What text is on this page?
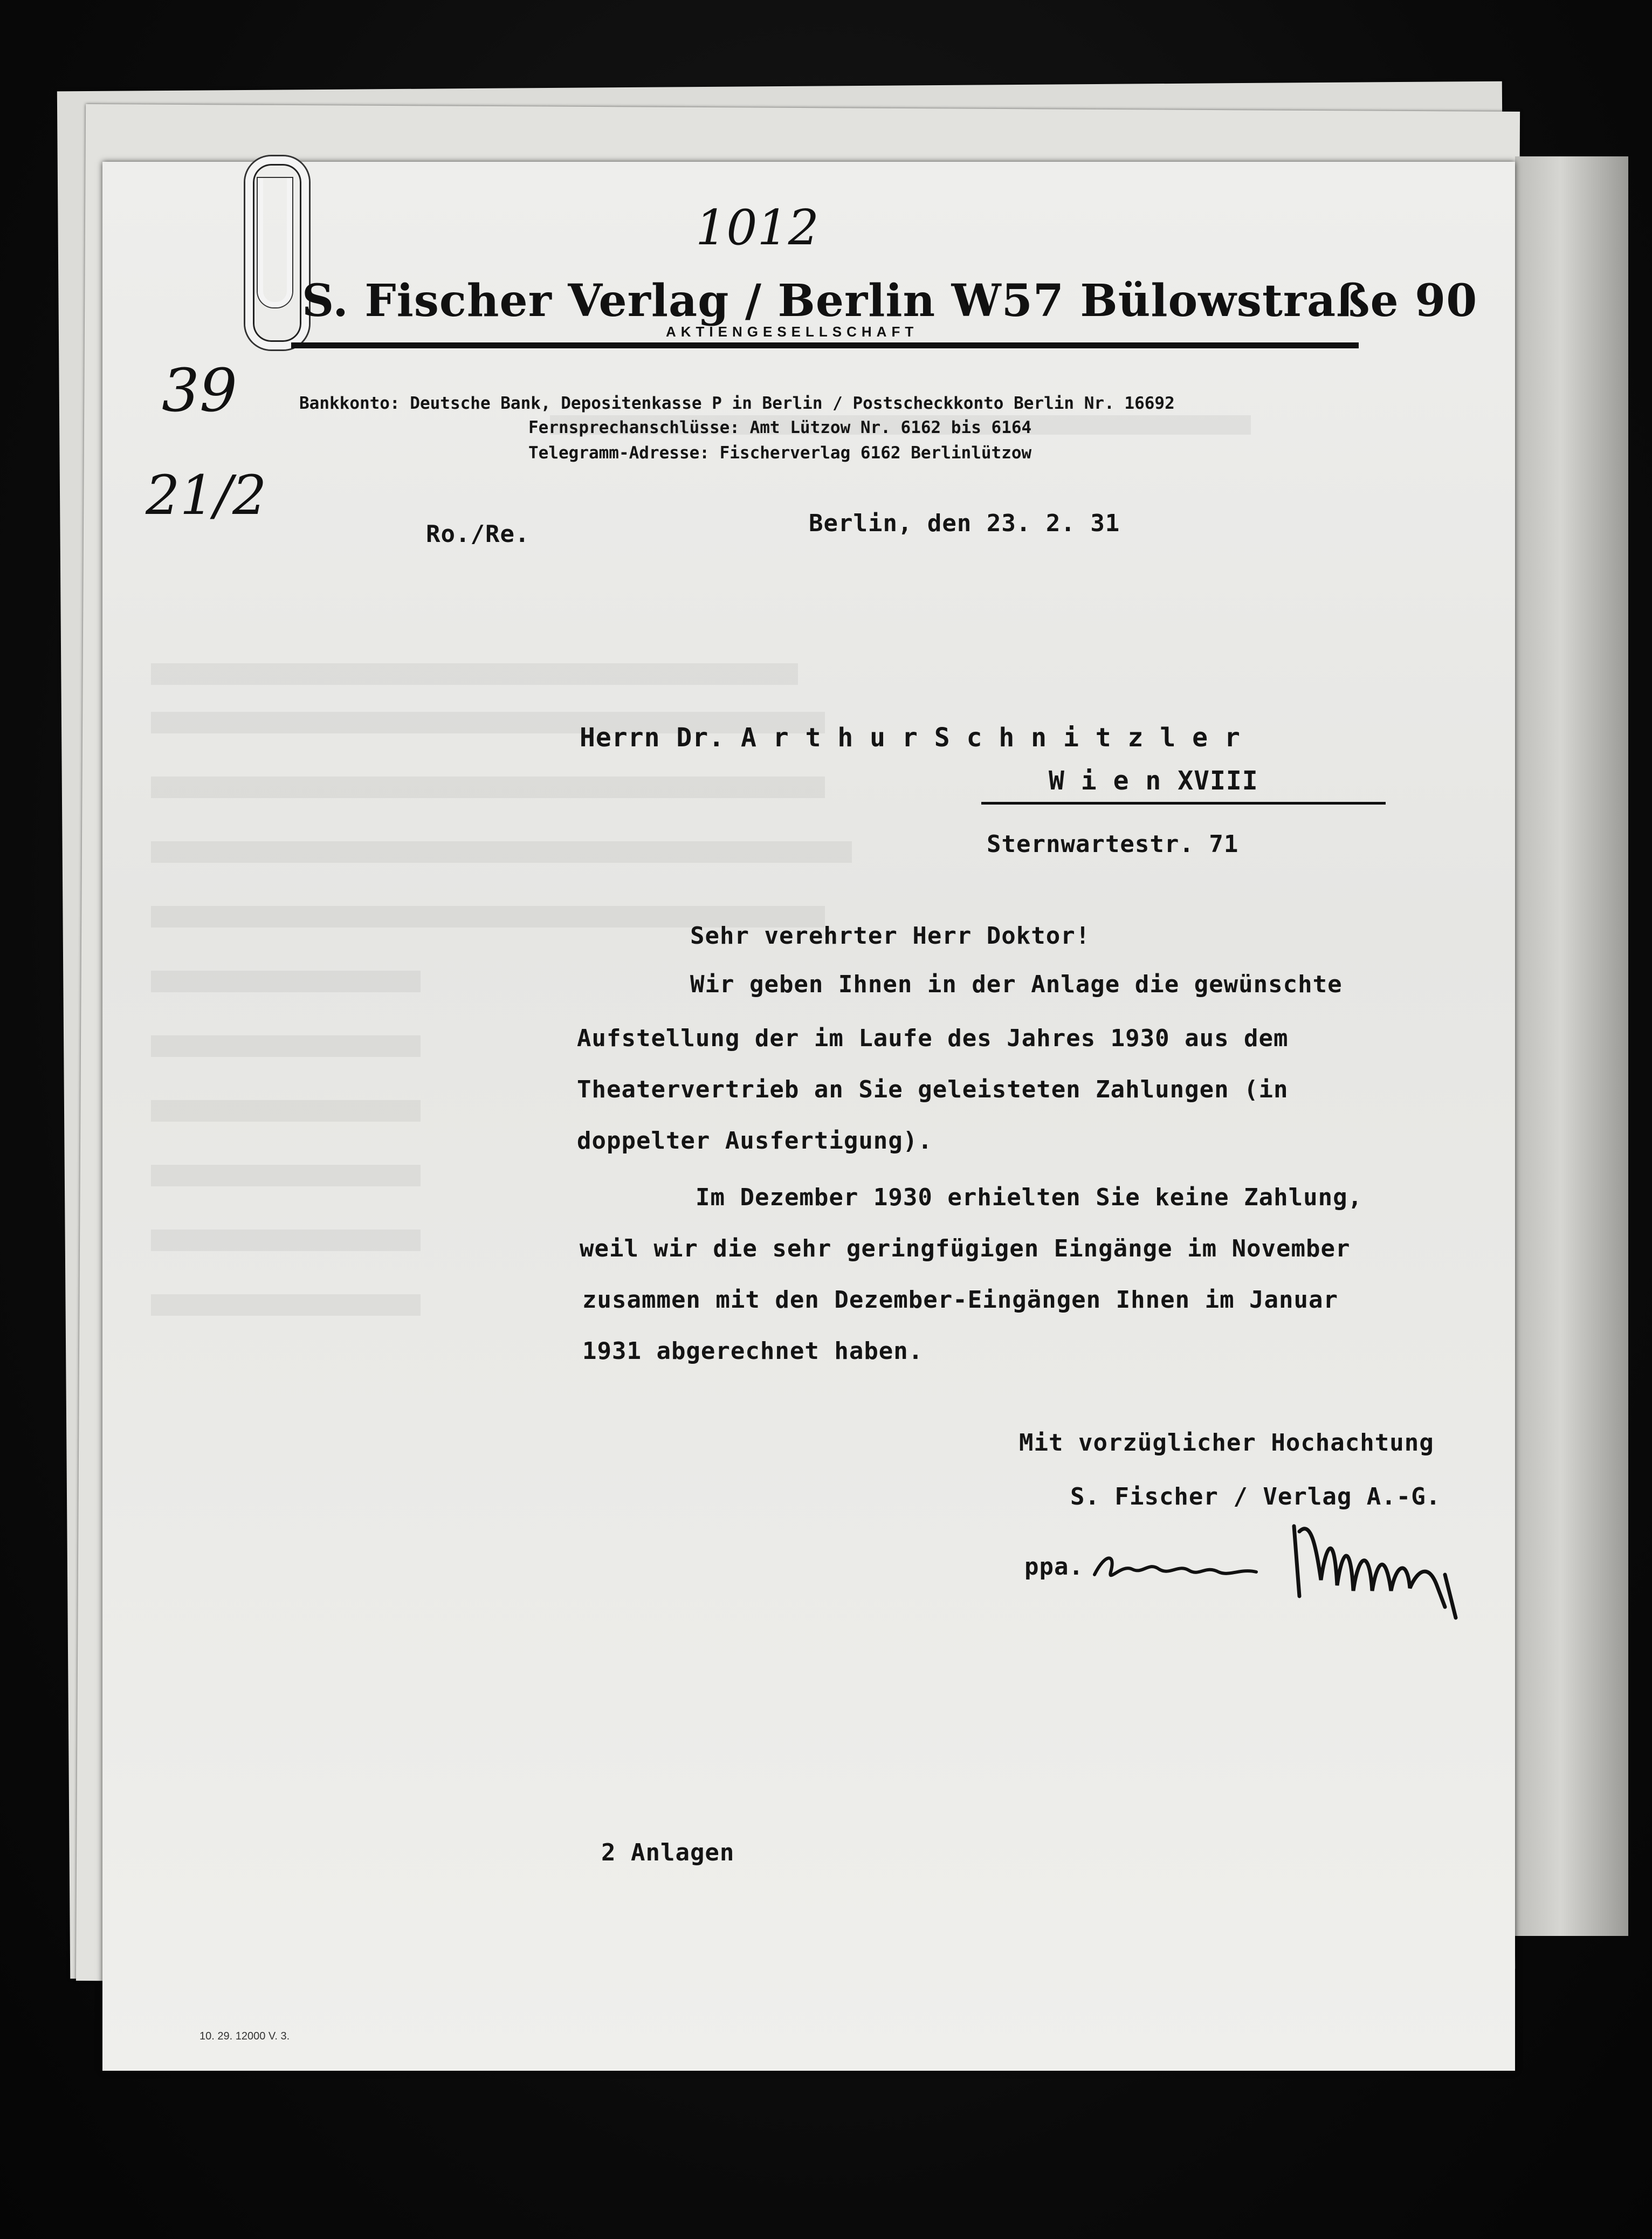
1012
39
21/2
S. Fischer Verlag / Berlin W57 Bülowstraße 90
AKTIENGESELLSCHAFT
Bankkonto: Deutsche Bank, Depositenkasse P in Berlin / Postscheckkonto Berlin Nr. 16692
Fernsprechanschlüsse: Amt Lützow Nr. 6162 bis 6164
Telegramm-Adresse: Fischerverlag 6162 Berlinlützow
Ro./Re.	Berlin, den 23. 2. 31
Herrn Dr. A r t h u r S c h n i t z l e r
W i e n XVIII
Sternwartestr. 71
Sehr verehrter Herr Doktor!
Wir geben Ihnen in der Anlage die gewünschte
Aufstellung der im Laufe des Jahres 1930 aus dem
Theatervertrieb an Sie geleisteten Zahlungen (in
doppelter Ausfertigung).
Im Dezember 1930 erhielten Sie keine Zahlung,
weil wir die sehr geringfügigen Eingänge im November
zusammen mit den Dezember-Eingängen Ihnen im Januar
1931 abgerechnet haben.
Mit vorzüglicher Hochachtung
S. Fischer / Verlag A.-G.
ppa.
2 Anlagen
10. 29. 12000 V. 3.
